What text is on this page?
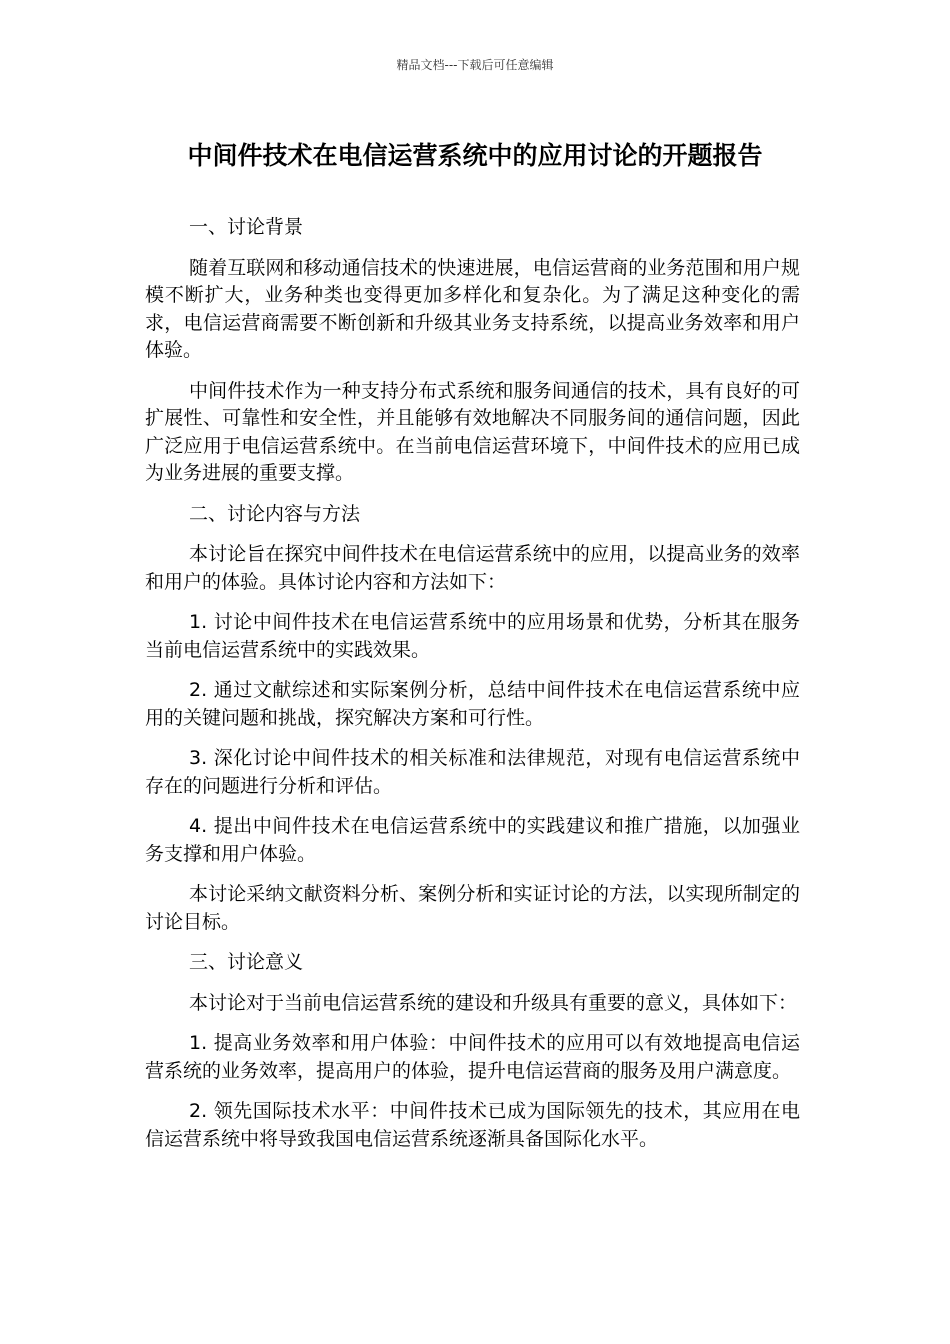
精品文档---下载后可任意编辑
中间件技术在电信运营系统中的应用讨论的开题报告

一、讨论背景

随着互联网和移动通信技术的快速进展，电信运营商的业务范围和用户规模不断扩大，业务种类也变得更加多样化和复杂化。为了满足这种变化的需求，电信运营商需要不断创新和升级其业务支持系统，以提高业务效率和用户体验。

中间件技术作为一种支持分布式系统和服务间通信的技术，具有良好的可扩展性、可靠性和安全性，并且能够有效地解决不同服务间的通信问题，因此广泛应用于电信运营系统中。在当前电信运营环境下，中间件技术的应用已成为业务进展的重要支撑。

二、讨论内容与方法

本讨论旨在探究中间件技术在电信运营系统中的应用，以提高业务的效率和用户的体验。具体讨论内容和方法如下：

1. 讨论中间件技术在电信运营系统中的应用场景和优势，分析其在服务当前电信运营系统中的实践效果。

2. 通过文献综述和实际案例分析，总结中间件技术在电信运营系统中应用的关键问题和挑战，探究解决方案和可行性。

3. 深化讨论中间件技术的相关标准和法律规范，对现有电信运营系统中存在的问题进行分析和评估。

4. 提出中间件技术在电信运营系统中的实践建议和推广措施，以加强业务支撑和用户体验。

本讨论采纳文献资料分析、案例分析和实证讨论的方法，以实现所制定的讨论目标。

三、讨论意义

本讨论对于当前电信运营系统的建设和升级具有重要的意义，具体如下：

1. 提高业务效率和用户体验：中间件技术的应用可以有效地提高电信运营系统的业务效率，提高用户的体验，提升电信运营商的服务及用户满意度。

2. 领先国际技术水平：中间件技术已成为国际领先的技术，其应用在电信运营系统中将导致我国电信运营系统逐渐具备国际化水平。
